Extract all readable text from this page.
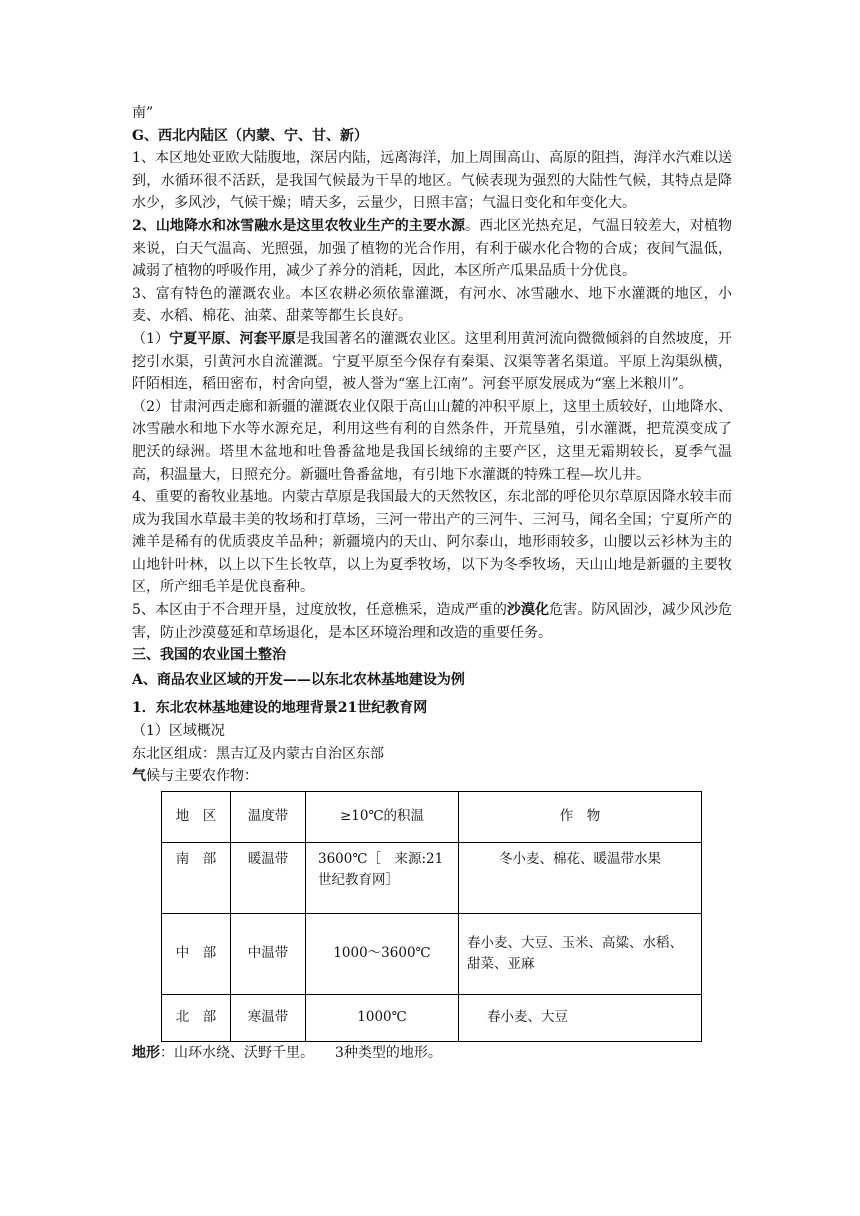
南”
G、西北内陆区（内蒙、宁、甘、新）
1、本区地处亚欧大陆腹地，深居内陆，远离海洋，加上周围高山、高原的阻挡，海洋水汽难以送到，水循环很不活跃，是我国气候最为干旱的地区。气候表现为强烈的大陆性气候，其特点是降水少，多风沙，气候干燥；晴天多，云量少，日照丰富；气温日变化和年变化大。
2、山地降水和冰雪融水是这里农牧业生产的主要水源。西北区光热充足，气温日较差大，对植物来说，白天气温高、光照强，加强了植物的光合作用，有利于碳水化合物的合成；夜间气温低，减弱了植物的呼吸作用，减少了养分的消耗，因此，本区所产瓜果品质十分优良。
3、富有特色的灌溉农业。本区农耕必须依靠灌溉，有河水、冰雪融水、地下水灌溉的地区，小麦、水稻、棉花、油菜、甜菜等都生长良好。
（1）宁夏平原、河套平原是我国著名的灌溉农业区。这里利用黄河流向微微倾斜的自然坡度，开挖引水渠，引黄河水自流灌溉。宁夏平原至今保存有秦渠、汉渠等著名渠道。平原上沟渠纵横，阡陌相连，稻田密布，村舍向望，被人誉为“塞上江南”。河套平原发展成为“塞上米粮川”。
（2）甘肃河西走廊和新疆的灌溉农业仅限于高山山麓的冲积平原上，这里土质较好，山地降水、冰雪融水和地下水等水源充足，利用这些有利的自然条件，开荒垦殖，引水灌溉，把荒漠变成了肥沃的绿洲。塔里木盆地和吐鲁番盆地是我国长绒绵的主要产区，这里无霜期较长，夏季气温高，积温量大，日照充分。新疆吐鲁番盆地，有引地下水灌溉的特殊工程—坎儿井。
4、重要的畜牧业基地。内蒙古草原是我国最大的天然牧区，东北部的呼伦贝尔草原因降水较丰而成为我国水草最丰美的牧场和打草场，三河一带出产的三河牛、三河马，闻名全国；宁夏所产的滩羊是稀有的优质裘皮羊品种；新疆境内的天山、阿尔泰山，地形雨较多，山腰以云衫林为主的山地针叶林，以上以下生长牧草，以上为夏季牧场，以下为冬季牧场，天山山地是新疆的主要牧区，所产细毛羊是优良畜种。
5、本区由于不合理开垦，过度放牧，任意樵采，造成严重的沙漠化危害。防风固沙，减少风沙危害，防止沙漠蔓延和草场退化，是本区环境治理和改造的重要任务。
三、我国的农业国土整治
A、商品农业区域的开发——以东北农林基地建设为例
1．东北农林基地建设的地理背景21世纪教育网
（1）区域概况
东北区组成：黑吉辽及内蒙古自治区东部
气候与主要农作物：
地　区	温度带	≥10℃的积温	作　物
南　部	暖温带	3600℃［　来源:21世纪教育网］	冬小麦、棉花、暖温带水果
中　部	中温带	1000～3600℃	春小麦、大豆、玉米、高粱、水稻、甜菜、亚麻
北　部	寒温带	1000℃	春小麦、大豆
地形：山环水绕、沃野千里。　　3种类型的地形。
